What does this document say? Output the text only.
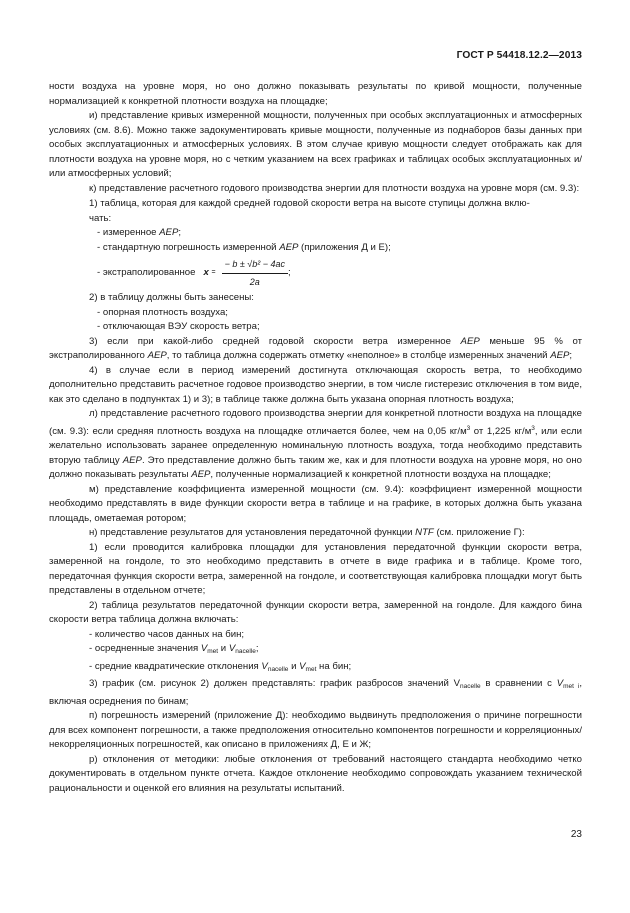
ГОСТ Р 54418.12.2—2013

ности воздуха на уровне моря, но оно должно показывать результаты по кривой мощности, полученные нормализацией к конкретной плотности воздуха на площадке;

и) представление кривых измеренной мощности, полученных при особых эксплуатационных и атмосферных условиях (см. 8.6). Можно также задокументировать кривые мощности, полученные из поднаборов базы данных при особых эксплуатационных и атмосферных условиях. В этом случае кривую мощности следует отображать как для плотности воздуха на уровне моря, но с четким указанием на всех графиках и таблицах особых эксплуатационных и/или атмосферных условий;

к) представление расчетного годового производства энергии для плотности воздуха на уровне моря (см. 9.3):

1) таблица, которая для каждой средней годовой скорости ветра на высоте ступицы должна вклю-

чать:

- измеренное AEP;

- стандартную погрешность измеренной AEP (приложения Д и Е);

- экстраполированное x
= $\frac{\text{− b ± √b² − 4ac}}{2a}$ ;

2) в таблицу должны быть занесены:

- опорная плотность воздуха;

- отключающая ВЭУ скорость ветра;

3) если при какой-либо средней годовой скорости ветра измеренное AEP меньше 95 % от экстраполированного AEP, то таблица должна содержать отметку «неполное» в столбце измеренных значений AEP;

4) в случае если в период измерений достигнута отключающая скорость ветра, то необходимо дополнительно представить расчетное годовое производство энергии, в том числе гистерезис отключения в том виде, как это сделано в подпунктах 1) и 3); в таблице также должна быть указана опорная плотность воздуха;

л) представление расчетного годового производства энергии для конкретной плотности воздуха на площадке (см. 9.3): если средняя плотность воздуха на площадке отличается более, чем на 0,05 $кг/м^3$ от 1,225 $кг/м^3$, или если желательно использовать заранее определенную номинальную плотность воздуха, тогда необходимо представить вторую таблицу AEP. Это представление должно быть таким же, как и для плотности воздуха на уровне моря, но оно должно показывать результаты AEP, полученные нормализацией к конкретной плотности воздуха на площадке;

м) представление коэффициента измеренной мощности (см. 9.4): коэффициент измеренной мощности необходимо представлять в виде функции скорости ветра в таблице и на графике, в которых должна быть указана площадь, ометаемая ротором;

н) представление результатов для установления передаточной функции NTF (см. приложение Г):

1) если проводится калибровка площадки для установления передаточной функции скорости ветра, замеренной на гондоле, то это необходимо представить в отчете в виде графика и в таблице. Кроме того, передаточная функция скорости ветра, замеренной на гондоле, и соответствующая калибровка площадки могут быть представлены в отдельном отчете;

2) таблица результатов передаточной функции скорости ветра, замеренной на гондоле. Для каждого бина скорости ветра таблица должна включать:

- количество часов данных на бин;

- осредненные значения $V_{met}$ и $V_{nacelle}$;

- средние квадратические отклонения $V_{nacelle}$ и $V_{met}$ на бин;

3) график (см. рисунок 2) должен представлять: график разбросов значений $V_{nacelle}$ в сравнении с $V_{met i}$, включая осреднения по бинам;

п) погрешность измерений (приложение Д): необходимо выдвинуть предположения о причине погрешности для всех компонент погрешности, а также предположения относительно компонентов погрешности и корреляционных/некорреляционных погрешностей, как описано в приложениях Д, Е и Ж;

р) отклонения от методики: любые отклонения от требований настоящего стандарта необходимо четко документировать в отдельном пункте отчета. Каждое отклонение необходимо сопровождать указанием технической рациональности и оценкой его влияния на результаты испытаний.

23
